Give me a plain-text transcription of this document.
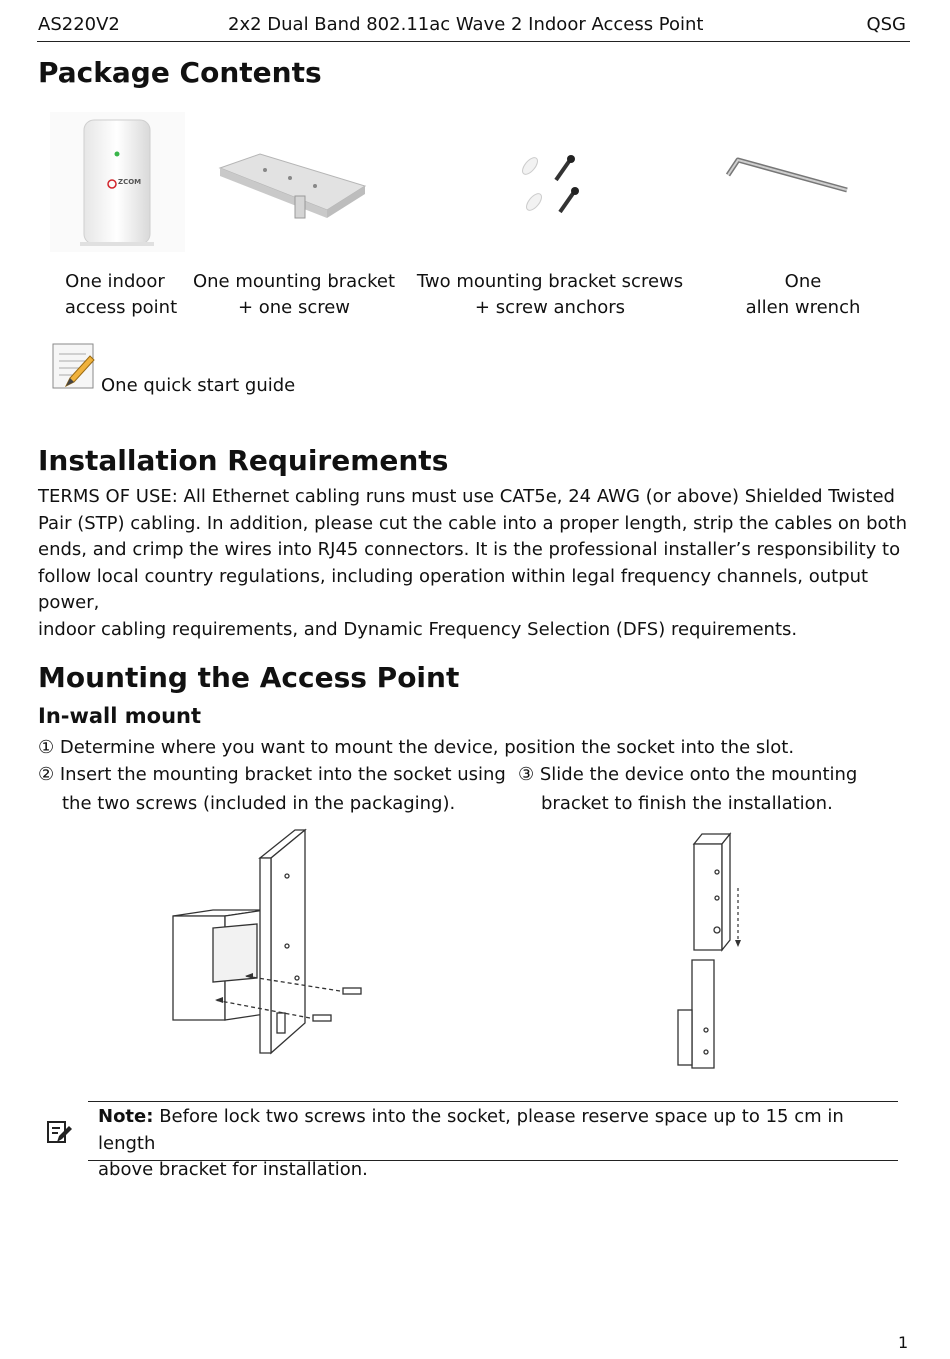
AS220V2	2x2 Dual Band 802.11ac Wave 2 Indoor Access Point	QSG
Package Contents
ZCOM
One indoor
access point
One mounting bracket
+ one screw
Two mounting bracket screws
+ screw anchors
One
allen wrench
One quick start guide
Installation Requirements
TERMS OF USE: All Ethernet cabling runs must use CAT5e, 24 AWG (or above) Shielded Twisted
Pair (STP) cabling. In addition, please cut the cable into a proper length, strip the cables on both
ends, and crimp the wires into RJ45 connectors. It is the professional installer’s responsibility to
follow local country regulations, including operation within legal frequency channels, output power,
indoor cabling requirements, and Dynamic Frequency Selection (DFS) requirements.
Mounting the Access Point
In-wall mount
① Determine where you want to mount the device, position the socket into the slot.
② Insert the mounting bracket into the socket using
the two screws (included in the packaging).
③ Slide the device onto the mounting
bracket to finish the installation.
Note: Before lock two screws into the socket, please reserve space up to 15 cm in length
above bracket for installation.
1
